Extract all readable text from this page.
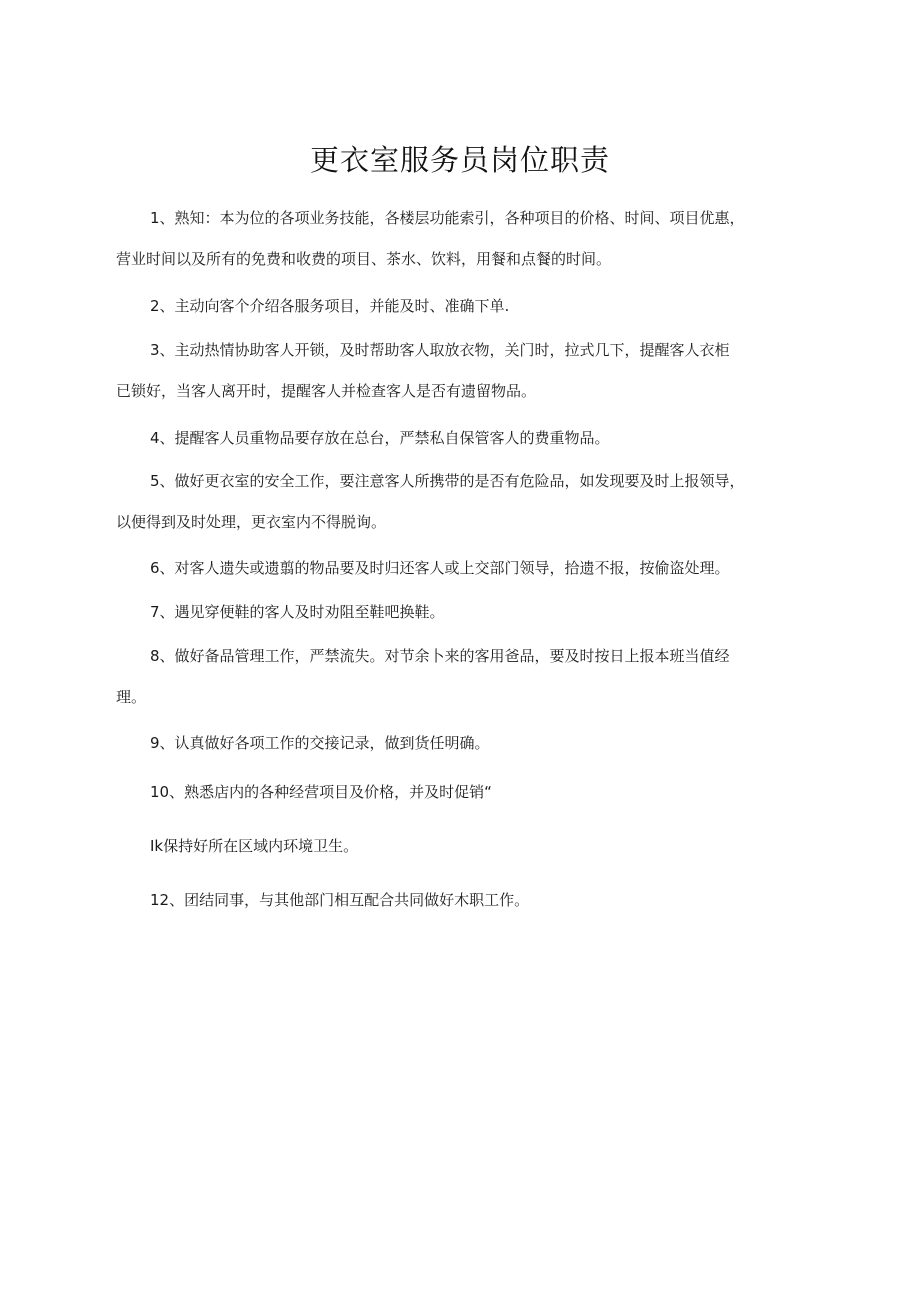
更衣室服务员岗位职责
1、熟知：本为位的各项业务技能，各楼层功能索引，各种项目的价格、时间、项目优惠，
营业时间以及所有的免费和收费的项目、茶水、饮料，用餐和点餐的时间。
2、主动向客个介绍各服务项目，并能及时、准确下单.
3、主动热情协助客人开锁，及时帮助客人取放衣物，关门时，拉式几下，提醒客人衣柜
已锁好，当客人离开时，提醒客人并检查客人是否有遗留物品。
4、提醒客人员重物品要存放在总台，严禁私自保管客人的费重物品。
5、做好更衣室的安全工作，要注意客人所携带的是否有危险品，如发现要及时上报领导，
以便得到及时处理，更衣室内不得脱询。
6、对客人遗失或遗翦的物品要及时归还客人或上交部门领导，拾遗不报，按偷盗处理。
7、遇见穿便鞋的客人及时劝阻至鞋吧换鞋。
8、做好备品管理工作，严禁流失。对节余卜来的客用爸品，要及时按日上报本班当值经
理。
9、认真做好各项工作的交接记录，做到货任明确。
10、熟悉店内的各种经营项目及价格，并及时促销“
Ik保持好所在区域内环境卫生。
12、团结同事，与其他部门相互配合共同做好木职工作。
